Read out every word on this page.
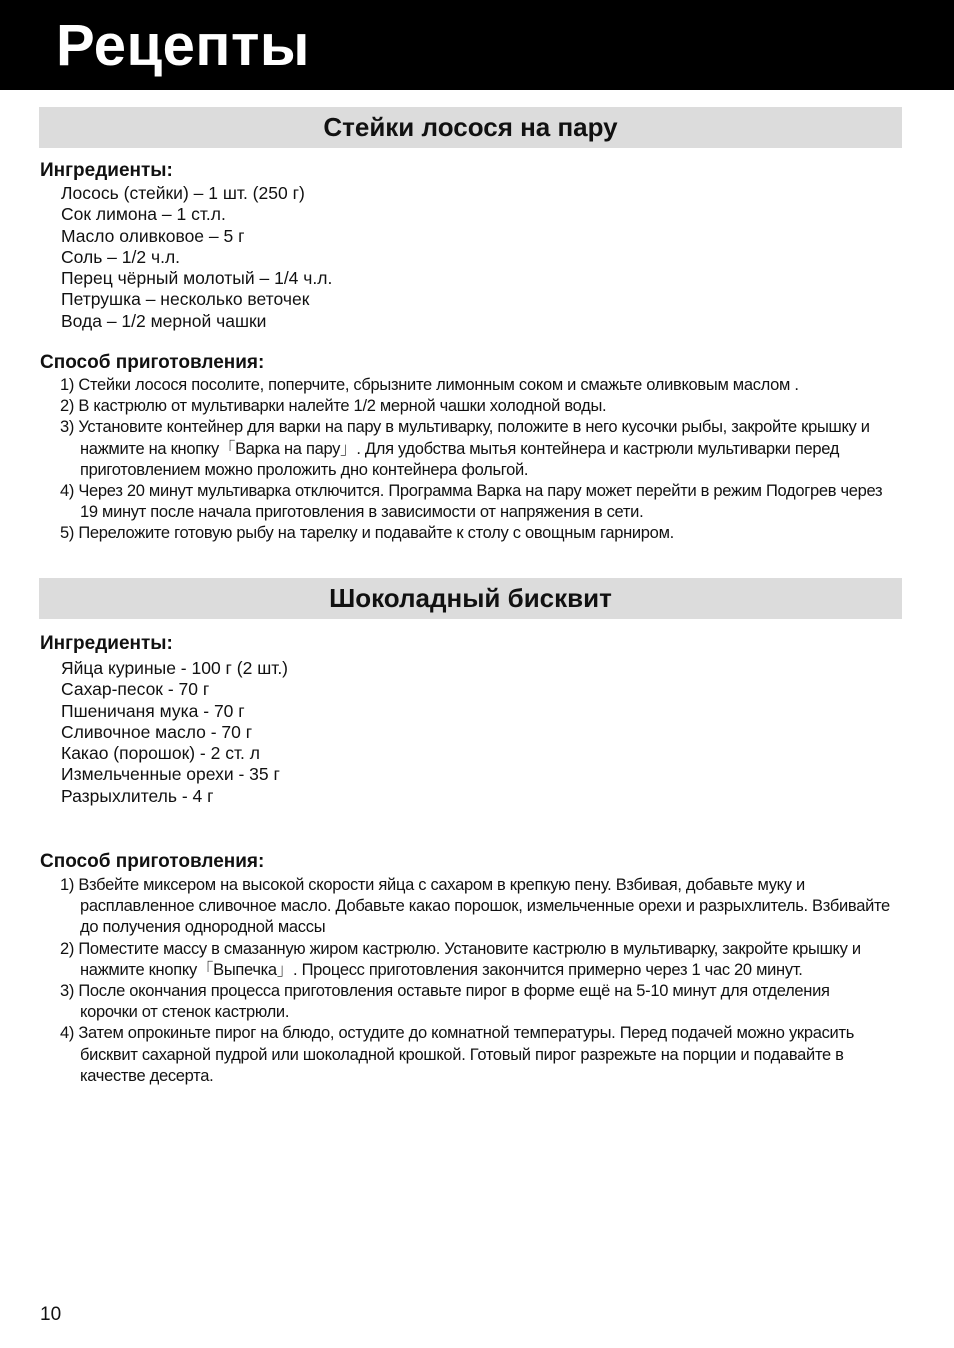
Рецепты
Стейки лосося на пару
Ингредиенты:
Лосось (стейки) – 1 шт. (250 г)
Сок лимона – 1 ст.л.
Масло оливковое – 5 г
Соль – 1/2 ч.л.
Перец чёрный молотый – 1/4 ч.л.
Петрушка – несколько веточек
Вода – 1/2 мерной чашки
Способ приготовления:
1) Стейки лосося посолите, поперчите, сбрызните лимонным соком и смажьте оливковым маслом .
2) В кастрюлю от мультиварки налейте 1/2 мерной чашки холодной воды.
3) Установите контейнер для варки на пару в мультиварку, положите в него кусочки рыбы, закройте крышку и нажмите на кнопку「Варка на пару」. Для удобства мытья контейнера и кастрюли мультиварки перед приготовлением можно проложить дно контейнера фольгой.
4) Через 20 минут мультиварка отключится. Программа Варка на пару может перейти в режим Подогрев через 19 минут после начала приготовления в зависимости от напряжения в сети.
5) Переложите готовую рыбу на тарелку и подавайте к столу с овощным гарниром.
Шоколадный бисквит
Ингредиенты:
Яйца куриные - 100 г (2 шт.)
Сахар-песок - 70 г
Пшеничаня мука - 70 г
Сливочное масло - 70 г
Какао (порошок) - 2 ст. л
Измельченные орехи - 35 г
Разрыхлитель - 4 г
Способ приготовления:
1) Взбейте миксером на высокой скорости яйца с сахаром в крепкую пену. Взбивая, добавьте муку и расплавленное сливочное масло. Добавьте какао порошок, измельченные орехи и разрыхлитель. Взбивайте до получения однородной массы
2) Поместите массу в смазанную жиром кастрюлю. Установите кастрюлю в мультиварку, закройте крышку и нажмите кнопку「Выпечка」. Процесс приготовления закончится примерно через 1 час 20 минут.
3) После окончания процесса приготовления оставьте пирог в форме ещё на 5-10 минут для отделения корочки от стенок кастрюли.
4) Затем опрокиньте пирог на блюдо, остудите до комнатной температуры. Перед подачей можно украсить бисквит сахарной пудрой или шоколадной крошкой. Готовый пирог разрежьте на порции и подавайте в качестве десерта.
10
